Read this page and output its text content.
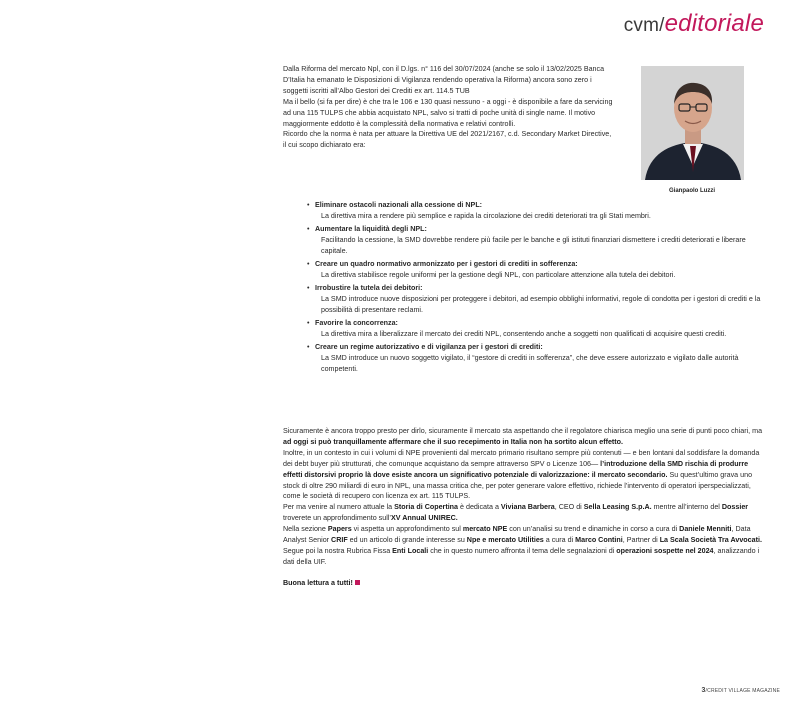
cvm/editoriale

Dalla Riforma del mercato Npl, con il D.lgs. n° 116 del 30/07/2024 (anche se solo il 13/02/2025 Banca D’Italia ha emanato le Disposizioni di Vigilanza rendendo operativa la Riforma) ancora sono zero i soggetti iscritti all’Albo Gestori dei Crediti ex art. 114.5 TUB

Ma il bello (si fa per dire) è che tra le 106 e 130 quasi nessuno - a oggi - è disponibile a fare da servicing ad una 115 TULPS che abbia acquistato NPL, salvo si tratti di poche unità di single name. Il motivo maggiormente eddotto è la complessità della normativa e relativi controlli.

Ricordo che la norma è nata per attuare la Direttiva UE del 2021/2167, c.d. Secondary Market Directive, il cui scopo dichiarato era:

Gianpaolo Luzzi
• Eliminare ostacoli nazionali alla cessione di NPL:
La direttiva mira a rendere più semplice e rapida la circolazione dei crediti deteriorati tra gli Stati membri.
• Aumentare la liquidità degli NPL:
Facilitando la cessione, la SMD dovrebbe rendere più facile per le banche e gli istituti finanziari dismettere i crediti deteriorati e liberare capitale.
• Creare un quadro normativo armonizzato per i gestori di crediti in sofferenza:
La direttiva stabilisce regole uniformi per la gestione degli NPL, con particolare attenzione alla tutela dei debitori.
• Irrobustire la tutela dei debitori:
La SMD introduce nuove disposizioni per proteggere i debitori, ad esempio obblighi informativi, regole di condotta per i gestori di crediti e la possibilità di presentare reclami.
• Favorire la concorrenza:
La direttiva mira a liberalizzare il mercato dei crediti NPL, consentendo anche a soggetti non qualificati di acquisire questi crediti.
• Creare un regime autorizzativo e di vigilanza per i gestori di crediti:
La SMD introduce un nuovo soggetto vigilato, il “gestore di crediti in sofferenza”, che deve essere autorizzato e vigilato dalle autorità competenti.

Sicuramente è ancora troppo presto per dirlo, sicuramente il mercato sta aspettando che il regolatore chiarisca meglio una serie di punti poco chiari, ma ad oggi si può tranquillamente affermare che il suo recepimento in Italia non ha sortito alcun effetto.

Inoltre, in un contesto in cui i volumi di NPE provenienti dal mercato primario risultano sempre più contenuti — e ben lontani dal soddisfare la domanda dei debt buyer più strutturati, che comunque acquistano da sempre attraverso SPV o Licenze 106— l’introduzione della SMD rischia di produrre effetti distorsivi proprio là dove esiste ancora un significativo potenziale di valorizzazione: il mercato secondario. Su quest’ultimo grava uno stock di oltre 290 miliardi di euro in NPL, una massa critica che, per poter generare valore effettivo, richiede l’intervento di operatori iperspecializzati, come le società di recupero con licenza ex art. 115 TULPS.

Per ma venire al numero attuale la Storia di Copertina è dedicata a Viviana Barbera, CEO di Sella Leasing S.p.A. mentre all’interno del Dossier troverete un approfondimento sull’XV Annual UNIREC.

Nella sezione Papers vi aspetta un approfondimento sul mercato NPE con un’analisi su trend e dinamiche in corso a cura di Daniele Menniti, Data Analyst Senior CRIF ed un articolo di grande interesse su Npe e mercato Utilities a cura di Marco Contini, Partner di La Scala Società Tra Avvocati.

Segue poi la nostra Rubrica Fissa Enti Locali che in questo numero affronta il tema delle segnalazioni di operazioni sospette nel 2024, analizzando i dati della UIF.

Buona lettura a tutti!

3/CREDIT VILLAGE MAGAZINE
